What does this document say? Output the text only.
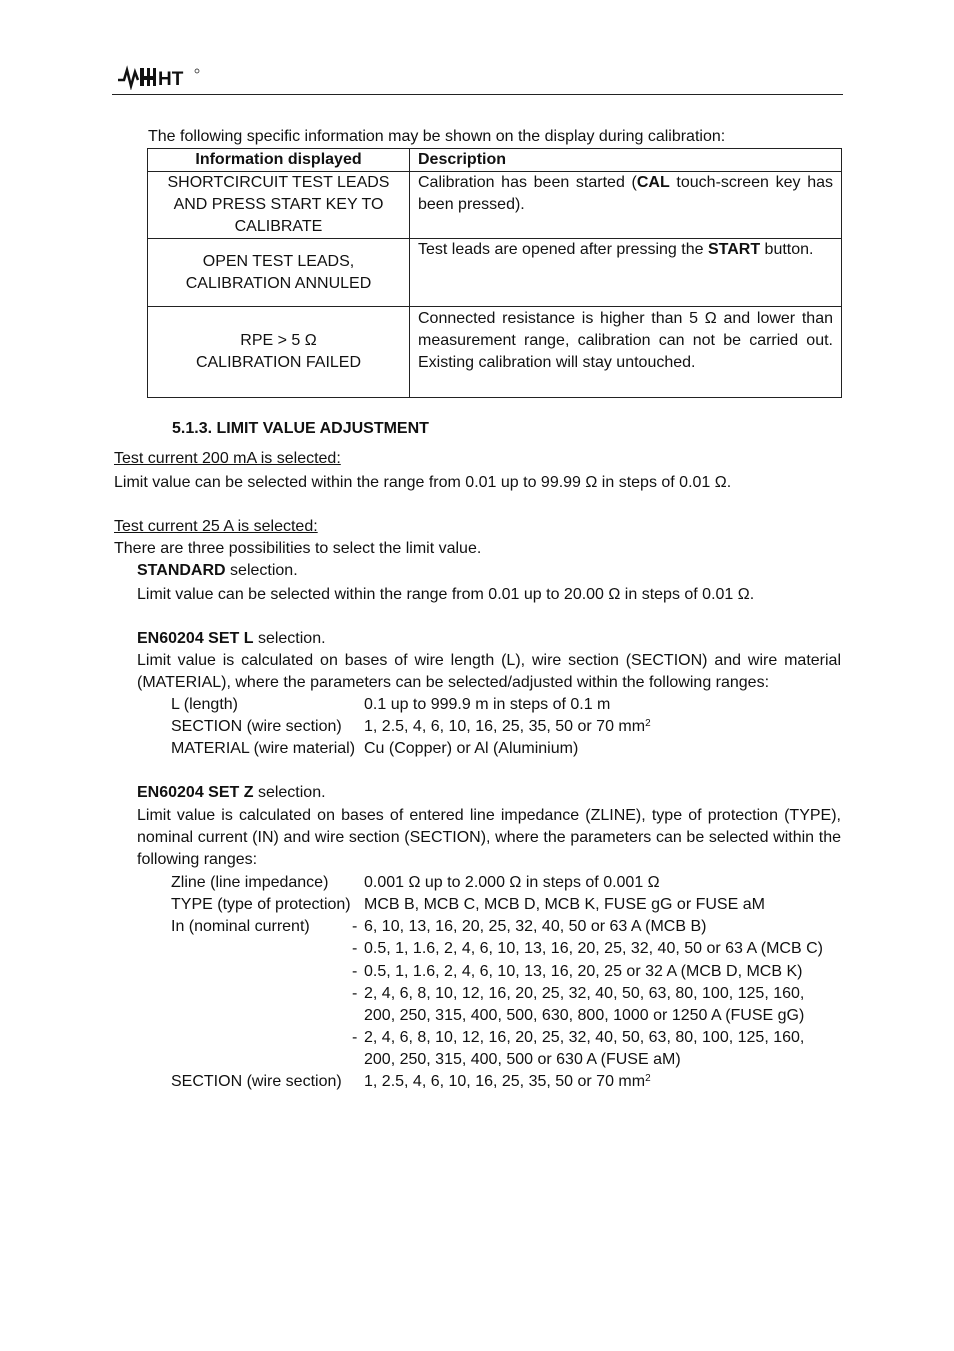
HT
The following specific information may be shown on the display during calibration:
Information displayed	Description

SHORTCIRCUIT TEST LEADS
AND PRESS START KEY TO
CALIBRATE	Calibration has been started (CAL touch-screen key has been pressed).

OPEN TEST LEADS,
CALIBRATION ANNULED	Test leads are opened after pressing the START button.

RPE > 5 Ω
CALIBRATION FAILED	Connected resistance is higher than 5 Ω and lower than measurement range, calibration can not be carried out. Existing calibration will stay untouched.
5.1.3. LIMIT VALUE ADJUSTMENT
Test current 200 mA is selected:
Limit value can be selected within the range from 0.01 up to 99.99 Ω in steps of 0.01 Ω.
Test current 25 A is selected:
There are three possibilities to select the limit value.
STANDARD selection.
Limit value can be selected within the range from 0.01 up to 20.00 Ω in steps of 0.01 Ω.
EN60204 SET L selection.
Limit value is calculated on bases of wire length (L), wire section (SECTION) and wire material
(MATERIAL), where the parameters can be selected/adjusted within the following ranges:
L (length)	0.1 up to 999.9 m in steps of 0.1 m
SECTION (wire section) 1, 2.5, 4, 6, 10, 16, 25, 35, 50 or 70 $mm^2$
MATERIAL (wire material) Cu (Copper) or Al (Aluminium)
EN60204 SET Z selection.
Limit value is calculated on bases of entered line impedance (ZLINE), type of protection (TYPE),
nominal current (IN) and wire section (SECTION), where the parameters can be selected within the
following ranges:
Zline (line impedance) 0.001 Ω up to 2.000 Ω in steps of 0.001 Ω
TYPE (type of protection) MCB B, MCB C, MCB D, MCB K, FUSE gG or FUSE aM
In (nominal current)	- 6, 10, 13, 16, 20, 25, 32, 40, 50 or 63 A (MCB B)
- 0.5, 1, 1.6, 2, 4, 6, 10, 13, 16, 20, 25, 32, 40, 50 or 63 A (MCB C)
- 0.5, 1, 1.6, 2, 4, 6, 10, 13, 16, 20, 25 or 32 A (MCB D, MCB K)
- 2, 4, 6, 8, 10, 12, 16, 20, 25, 32, 40, 50, 63, 80, 100, 125, 160,
200, 250, 315, 400, 500, 630, 800, 1000 or 1250 A (FUSE gG)
- 2, 4, 6, 8, 10, 12, 16, 20, 25, 32, 40, 50, 63, 80, 100, 125, 160,
200, 250, 315, 400, 500 or 630 A (FUSE aM)
SECTION (wire section) 1, 2.5, 4, 6, 10, 16, 25, 35, 50 or 70 $mm^2$
